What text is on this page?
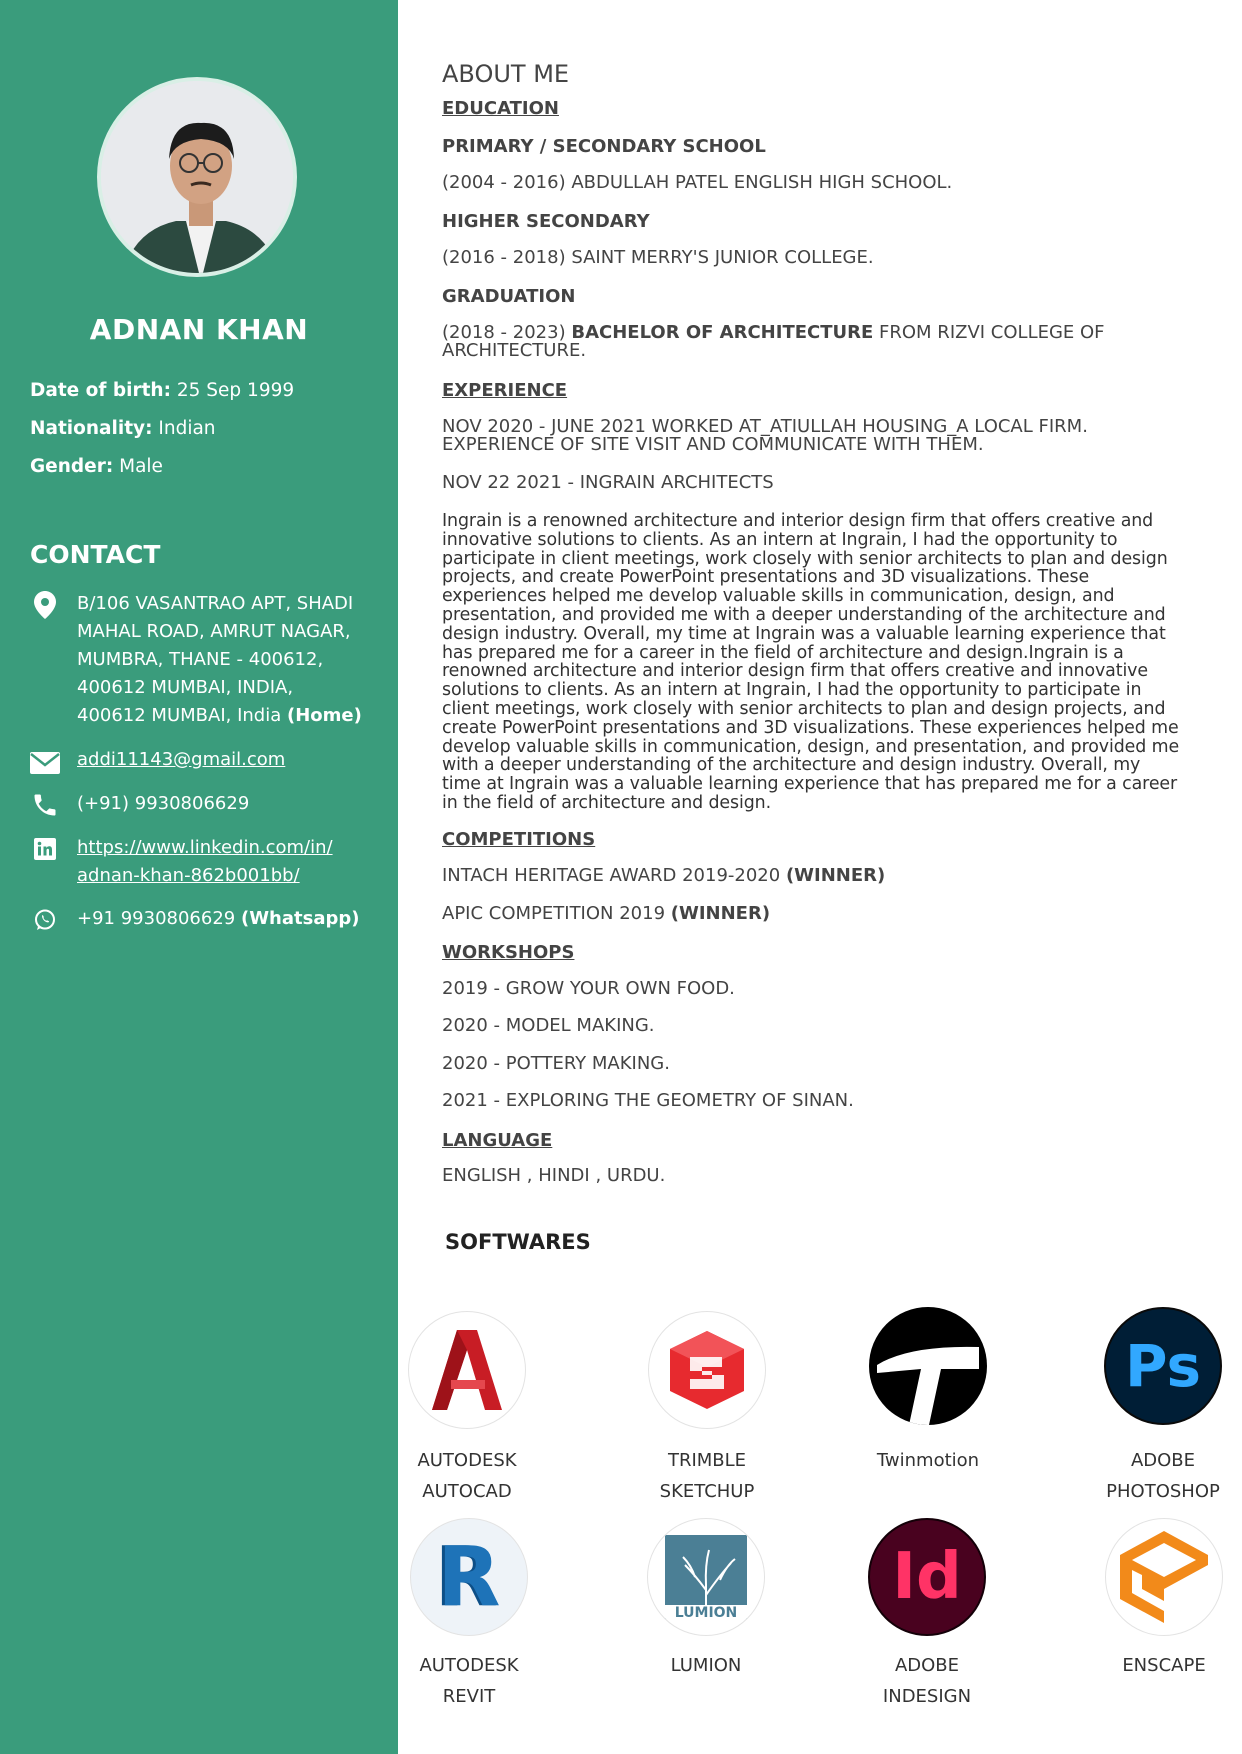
ADNAN KHAN
Date of birth: 25 Sep 1999
Nationality: Indian
Gender: Male
CONTACT
B/106 VASANTRAO APT, SHADI
MAHAL ROAD, AMRUT NAGAR,
MUMBRA, THANE - 400612,
400612 MUMBAI, INDIA,
400612 MUMBAI, India (Home)
addi11143@gmail.com
(+91) 9930806629
https://www.linkedin.com/in/
adnan-khan-862b001bb/
+91 9930806629 (Whatsapp)
ABOUT ME
EDUCATION
PRIMARY / SECONDARY SCHOOL
(2004 - 2016) ABDULLAH PATEL ENGLISH HIGH SCHOOL.
HIGHER SECONDARY
(2016 - 2018) SAINT MERRY'S JUNIOR COLLEGE.
GRADUATION
(2018 - 2023) BACHELOR OF ARCHITECTURE FROM RIZVI COLLEGE OF
ARCHITECTURE.
EXPERIENCE
NOV 2020 - JUNE 2021 WORKED AT_ATIULLAH HOUSING_A LOCAL FIRM.
EXPERIENCE OF SITE VISIT AND COMMUNICATE WITH THEM.
NOV 22 2021 - INGRAIN ARCHITECTS
Ingrain is a renowned architecture and interior design firm that offers creative and innovative solutions to clients. As an intern at Ingrain, I had the opportunity to participate in client meetings, work closely with senior architects to plan and design projects, and create PowerPoint presentations and 3D visualizations. These experiences helped me develop valuable skills in communication, design, and presentation, and provided me with a deeper understanding of the architecture and design industry. Overall, my time at Ingrain was a valuable learning experience that has prepared me for a career in the field of architecture and design.Ingrain is a renowned architecture and interior design firm that offers creative and innovative solutions to clients. As an intern at Ingrain, I had the opportunity to participate in client meetings, work closely with senior architects to plan and design projects, and create PowerPoint presentations and 3D visualizations. These experiences helped me develop valuable skills in communication, design, and presentation, and provided me with a deeper understanding of the architecture and design industry. Overall, my time at Ingrain was a valuable learning experience that has prepared me for a career in the field of architecture and design.
COMPETITIONS
INTACH HERITAGE AWARD 2019-2020 (WINNER)
APIC COMPETITION 2019 (WINNER)
WORKSHOPS
2019 - GROW YOUR OWN FOOD.
2020 - MODEL MAKING.
2020 - POTTERY MAKING.
2021 - EXPLORING THE GEOMETRY OF SINAN.
LANGUAGE
ENGLISH , HINDI , URDU.
SOFTWARES
AUTODESK
AUTOCAD
TRIMBLE
SKETCHUP
Twinmotion
Ps
ADOBE
PHOTOSHOP
R
AUTODESK
REVIT
LUMION
LUMION
Id
ADOBE
INDESIGN
ENSCAPE
